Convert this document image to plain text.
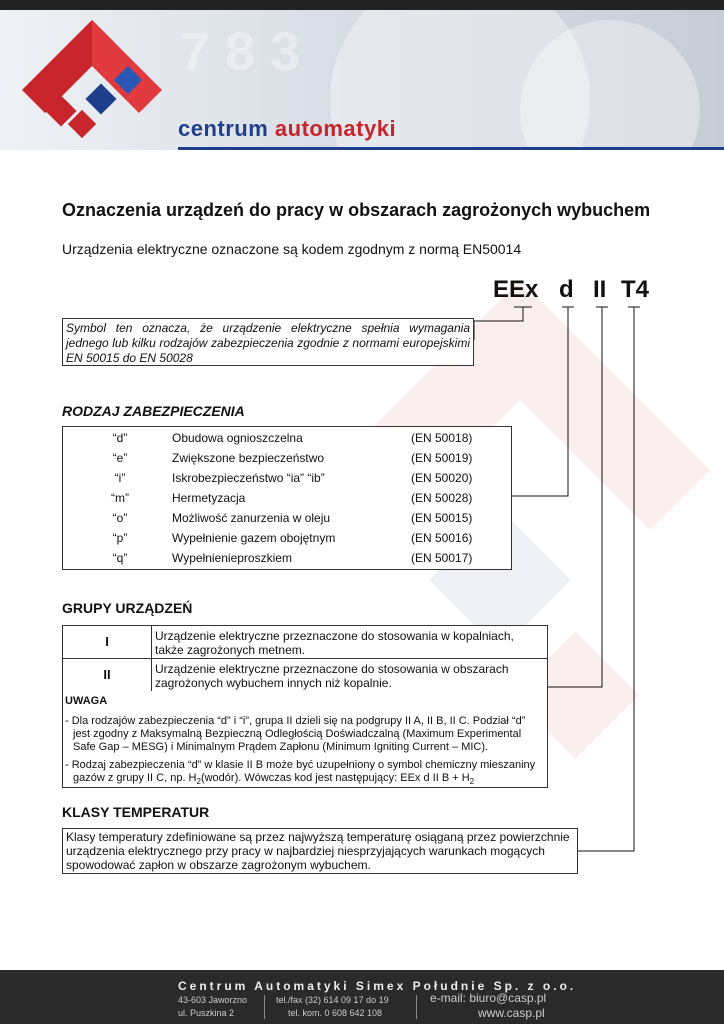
7 8 3
centrum automatyki
Oznaczenia urządzeń do pracy w obszarach zagrożonych wybuchem
Urządzenia elektryczne oznaczone są kodem zgodnym z normą EN50014
EEx d II T4
Symbol ten oznacza, że urządzenie elektryczne spełnia wymagania jednego lub kilku rodzajów zabezpieczenia zgodnie z normami europejskimi EN 50015 do EN 50028
RODZAJ ZABEZPIECZENIA
“d”	Obudowa ognioszczelna	(EN 50018)
“e”	Zwiększone bezpieczeństwo	(EN 50019)
“i”	Iskrobezpieczeństwo “ia” “ib”	(EN 50020)
“m”	Hermetyzacja	(EN 50028)
“o”	Możliwość zanurzenia w oleju	(EN 50015)
“p”	Wypełnienie gazem obojętnym	(EN 50016)
“q”	Wypełnienieproszkiem	(EN 50017)
GRUPY URZĄDZEŃ
I	Urządzenie elektryczne przeznaczone do stosowania w kopalniach,
także zagrożonych metnem.
II	Urządzenie elektryczne przeznaczone do stosowania w obszarach
zagrożonych wybuchem innych niż kopalnie.
UWAGA
- Dla rodzajów zabezpieczenia “d” i “i”, grupa II dzieli się na podgrupy II A, II B, II C. Podział “d”
jest zgodny z Maksymalną Bezpieczną Odległością Doświadczalną (Maximum Experimental
Safe Gap – MESG) i Minimalnym Prądem Zapłonu (Minimum Igniting Current – MIC).
- Rodzaj zabezpieczenia “d” w klasie II B może być uzupełniony o symbol chemiczny mieszaniny
gazów z grupy II C, np. $H_2(wodór)$. Wówczas kod jest następujący: EEx d II $B + H_2$
KLASY TEMPERATUR
Klasy temperatury zdefiniowane są przez najwyższą temperaturę osiąganą przez powierzchnie
urządzenia elektrycznego przy pracy w najbardziej niesprzyjających warunkach mogących
spowodować zapłon w obszarze zagrożonym wybuchem.
Centrum Automatyki Simex Południe Sp. z o.o.
43-603 Jaworzno
ul. Puszkina 2
tel./fax (32) 614 09 17 do 19
tel. kom. 0 608 642 108
e-mail: biuro@casp.pl
www.casp.pl
